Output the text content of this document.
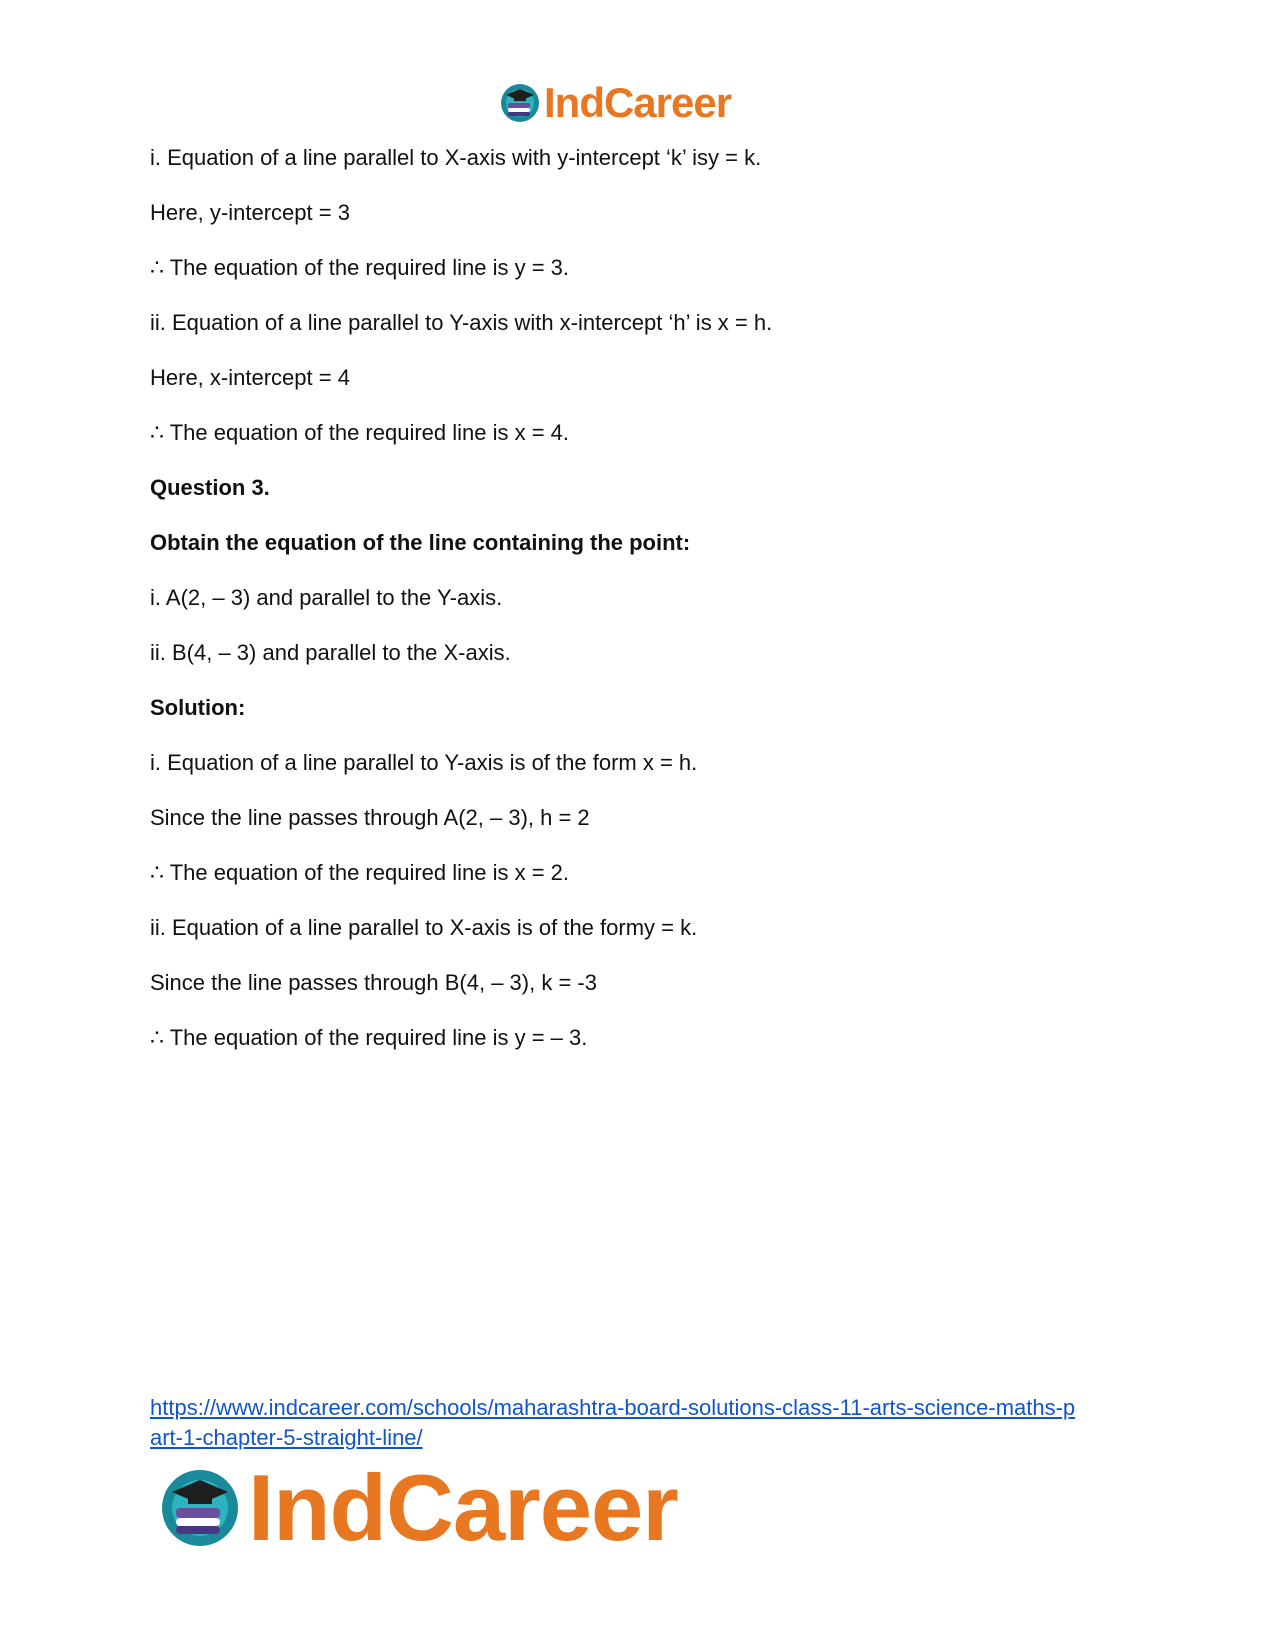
IndCareer
i. Equation of a line parallel to X-axis with y-intercept ‘k’ isy = k.
Here, y-intercept = 3
∴ The equation of the required line is y = 3.
ii. Equation of a line parallel to Y-axis with x-intercept ‘h’ is x = h.
Here, x-intercept = 4
∴ The equation of the required line is x = 4.
Question 3.
Obtain the equation of the line containing the point:
i. A(2, – 3) and parallel to the Y-axis.
ii. B(4, – 3) and parallel to the X-axis.
Solution:
i. Equation of a line parallel to Y-axis is of the form x = h.
Since the line passes through A(2, – 3), h = 2
∴ The equation of the required line is x = 2.
ii. Equation of a line parallel to X-axis is of the formy = k.
Since the line passes through B(4, – 3), k = -3
∴ The equation of the required line is y = – 3.
https://www.indcareer.com/schools/maharashtra-board-solutions-class-11-arts-science-maths-p
art-1-chapter-5-straight-line/
IndCareer
